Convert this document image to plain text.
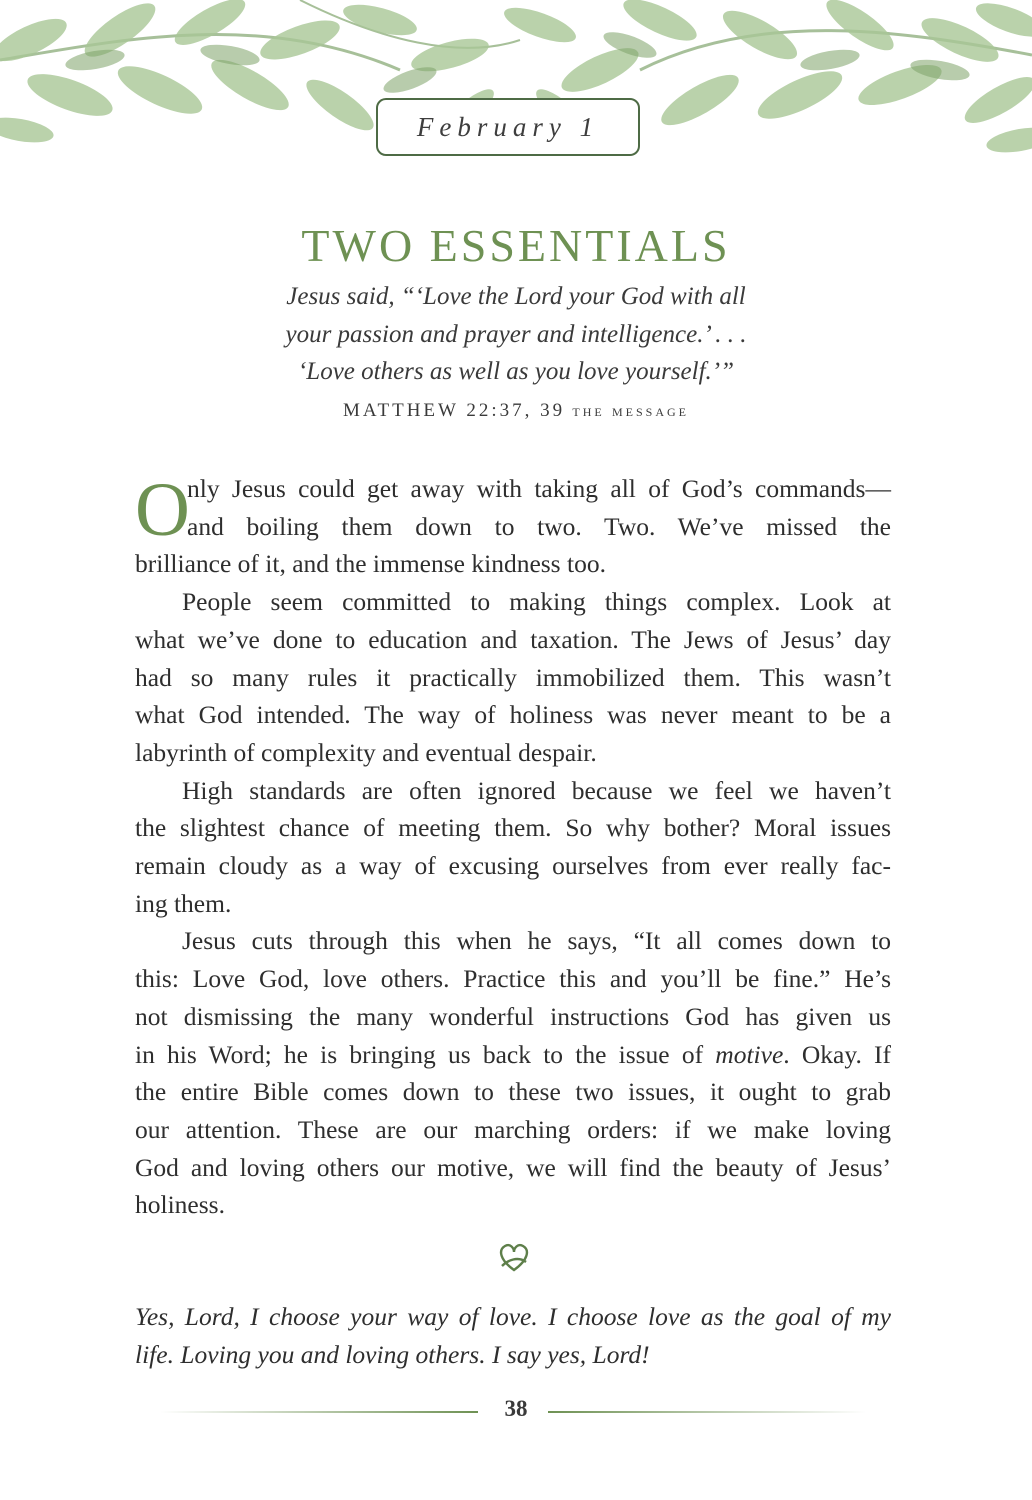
February 1
TWO ESSENTIALS
Jesus said, “‘Love the Lord your God with all
your passion and prayer and intelligence.’ . . .
‘Love others as well as you love yourself.’”
MATTHEW 22:37, 39 the message
O
nly Jesus could get away with taking all of God’s commands—
and boiling them down to two. Two. We’ve missed the
brilliance of it, and the immense kindness too.
People seem committed to making things complex. Look at
what we’ve done to education and taxation. The Jews of Jesus’ day
had so many rules it practically immobilized them. This wasn’t
what God intended. The way of holiness was never meant to be a
labyrinth of complexity and eventual despair.
High standards are often ignored because we feel we haven’t
the slightest chance of meeting them. So why bother? Moral issues
remain cloudy as a way of excusing ourselves from ever really fac-
ing them.
Jesus cuts through this when he says, “It all comes down to
this: Love God, love others. Practice this and you’ll be fine.” He’s
not dismissing the many wonderful instructions God has given us
in his Word; he is bringing us back to the issue of motive. Okay. If
the entire Bible comes down to these two issues, it ought to grab
our attention. These are our marching orders: if we make loving
God and loving others our motive, we will find the beauty of Jesus’
holiness.
Yes, Lord, I choose your way of love. I choose love as the goal of my
life. Loving you and loving others. I say yes, Lord!
38
